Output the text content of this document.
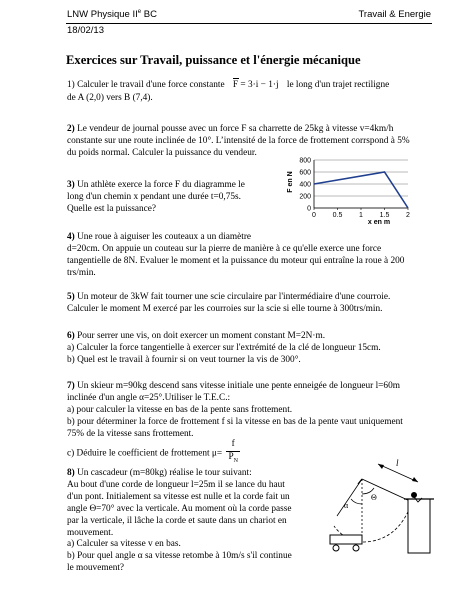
LNW Physique IIe BC	Travail & Energie
18/02/13
Exercices sur Travail, puissance et l'énergie mécanique
1) Calculer le travail d'une force constante F = 3·i − 1·j le long d'un trajet rectiligne
de A (2,0) vers B (7,4).
2) Le vendeur de journal pousse avec un force F sa charrette de 25kg à vitesse v=4km/h
constante sur une route inclinée de 10°. L’intensité de la force de frottement corrspond à 5%
du poids normal. Calculer la puissance du vendeur.
3) Un athlète exerce la force F du diagramme le
long d'un chemin x pendant une durée t=0,75s.
Quelle est la puissance?	0
200
400
600
800
0 0.5 1 1.5 2
F en N
x en m
4) Une roue à aiguiser les couteaux a un diamètre
d=20cm. On appuie un couteau sur la pierre de manière à ce qu'elle exerce une force
tangentielle de 8N. Evaluer le moment et la puissance du moteur qui entraîne la roue à 200
trs/min.
5) Un moteur de 3kW fait tourner une scie circulaire par l'intermédiaire d'une courroie.
Calculer le moment M exercé par les courroies sur la scie si elle tourne à 300trs/min.
6) Pour serrer une vis, on doit exercer un moment constant M=2N·m.
a) Calculer la force tangentielle à exercer sur l'extrémité de la clé de longueur 15cm.
b) Quel est le travail à fournir si on veut tourner la vis de 300°.
7) Un skieur m=90kg descend sans vitesse initiale une pente enneigée de longueur l=60m
inclinée d'un angle α=25°.Utiliser le T.E.C.:
a) pour calculer la vitesse en bas de la pente sans frottement.
b) pour déterminer la force de frottement f si la vitesse en bas de la pente vaut uniquement
75% de la vitesse sans frottement.
c) Déduire le coefficient de frottement $\mu= \frac{f}{P_N}$
8) Un cascadeur (m=80kg) réalise le tour suivant:
Au bout d'une corde de longueur l=25m il se lance du haut
d'un pont. Initialement sa vitesse est nulle et la corde fait un
angle Θ=70° avec la verticale. Au moment où la corde passe
par la verticale, il lâche la corde et saute dans un chariot en
mouvement.
a) Calculer sa vitesse v en bas.
b) Pour quel angle α sa vitesse retombe à 10m/s s'il continue
le mouvement?
l
Θ
α
